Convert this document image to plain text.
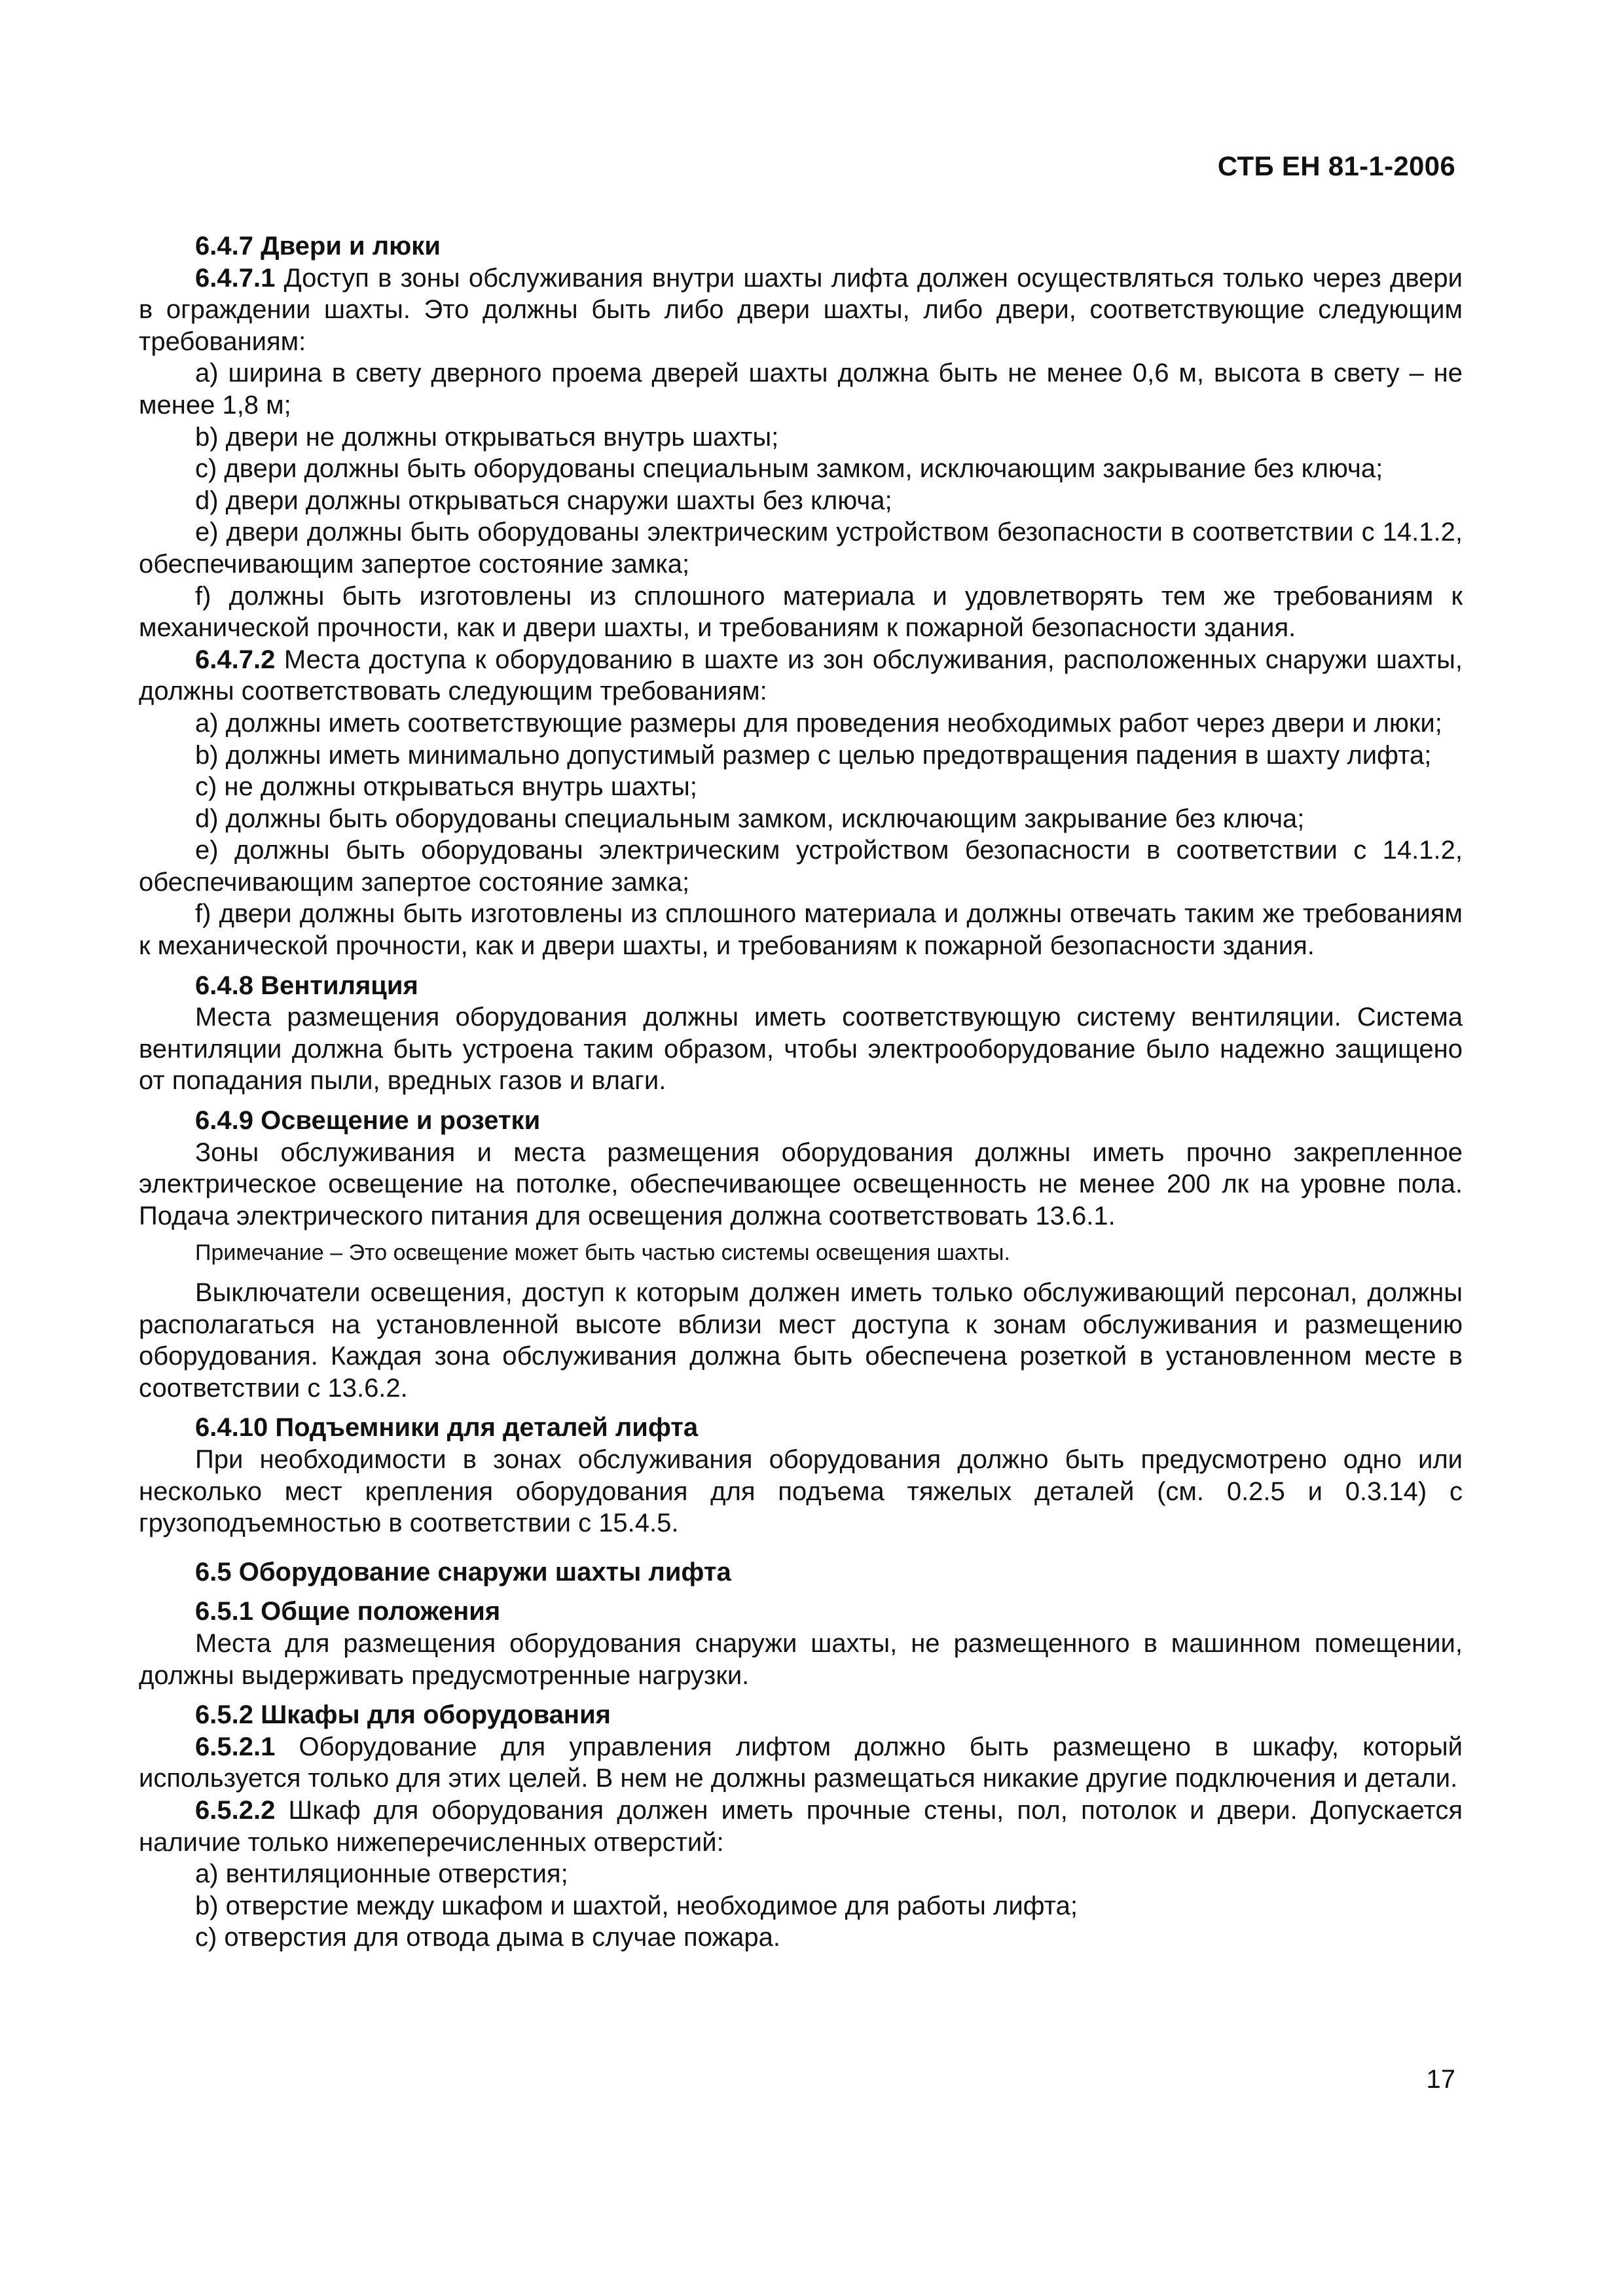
СТБ ЕН 81-1-2006

6.4.7 Двери и люки

6.4.7.1 Доступ в зоны обслуживания внутри шахты лифта должен осуществляться только через двери в ограждении шахты. Это должны быть либо двери шахты, либо двери, соответствующие следующим требованиям:

a) ширина в свету дверного проема дверей шахты должна быть не менее 0,6 м, высота в свету – не менее 1,8 м;

b) двери не должны открываться внутрь шахты;

c) двери должны быть оборудованы специальным замком, исключающим закрывание без ключа;

d) двери должны открываться снаружи шахты без ключа;

e) двери должны быть оборудованы электрическим устройством безопасности в соответствии с 14.1.2, обеспечивающим запертое состояние замка;

f) должны быть изготовлены из сплошного материала и удовлетворять тем же требованиям к механической прочности, как и двери шахты, и требованиям к пожарной безопасности здания.

6.4.7.2 Места доступа к оборудованию в шахте из зон обслуживания, расположенных снаружи шахты, должны соответствовать следующим требованиям:

a) должны иметь соответствующие размеры для проведения необходимых работ через двери и люки;

b) должны иметь минимально допустимый размер с целью предотвращения падения в шахту лифта;

c) не должны открываться внутрь шахты;

d) должны быть оборудованы специальным замком, исключающим закрывание без ключа;

e) должны быть оборудованы электрическим устройством безопасности в соответствии с 14.1.2, обеспечивающим запертое состояние замка;

f) двери должны быть изготовлены из сплошного материала и должны отвечать таким же требованиям к механической прочности, как и двери шахты, и требованиям к пожарной безопасности здания.

6.4.8 Вентиляция

Места размещения оборудования должны иметь соответствующую систему вентиляции. Система вентиляции должна быть устроена таким образом, чтобы электрооборудование было надежно защищено от попадания пыли, вредных газов и влаги.

6.4.9 Освещение и розетки

Зоны обслуживания и места размещения оборудования должны иметь прочно закрепленное электрическое освещение на потолке, обеспечивающее освещенность не менее 200 лк на уровне пола. Подача электрического питания для освещения должна соответствовать 13.6.1.

Примечание – Это освещение может быть частью системы освещения шахты.

Выключатели освещения, доступ к которым должен иметь только обслуживающий персонал, должны располагаться на установленной высоте вблизи мест доступа к зонам обслуживания и размещению оборудования. Каждая зона обслуживания должна быть обеспечена розеткой в установленном месте в соответствии с 13.6.2.

6.4.10 Подъемники для деталей лифта

При необходимости в зонах обслуживания оборудования должно быть предусмотрено одно или несколько мест крепления оборудования для подъема тяжелых деталей (см. 0.2.5 и 0.3.14) с грузоподъемностью в соответствии с 15.4.5.

6.5 Оборудование снаружи шахты лифта

6.5.1 Общие положения

Места для размещения оборудования снаружи шахты, не размещенного в машинном помещении, должны выдерживать предусмотренные нагрузки.

6.5.2 Шкафы для оборудования

6.5.2.1 Оборудование для управления лифтом должно быть размещено в шкафу, который используется только для этих целей. В нем не должны размещаться никакие другие подключения и детали.

6.5.2.2 Шкаф для оборудования должен иметь прочные стены, пол, потолок и двери. Допускается наличие только нижеперечисленных отверстий:

a) вентиляционные отверстия;

b) отверстие между шкафом и шахтой, необходимое для работы лифта;

c) отверстия для отвода дыма в случае пожара.

17
